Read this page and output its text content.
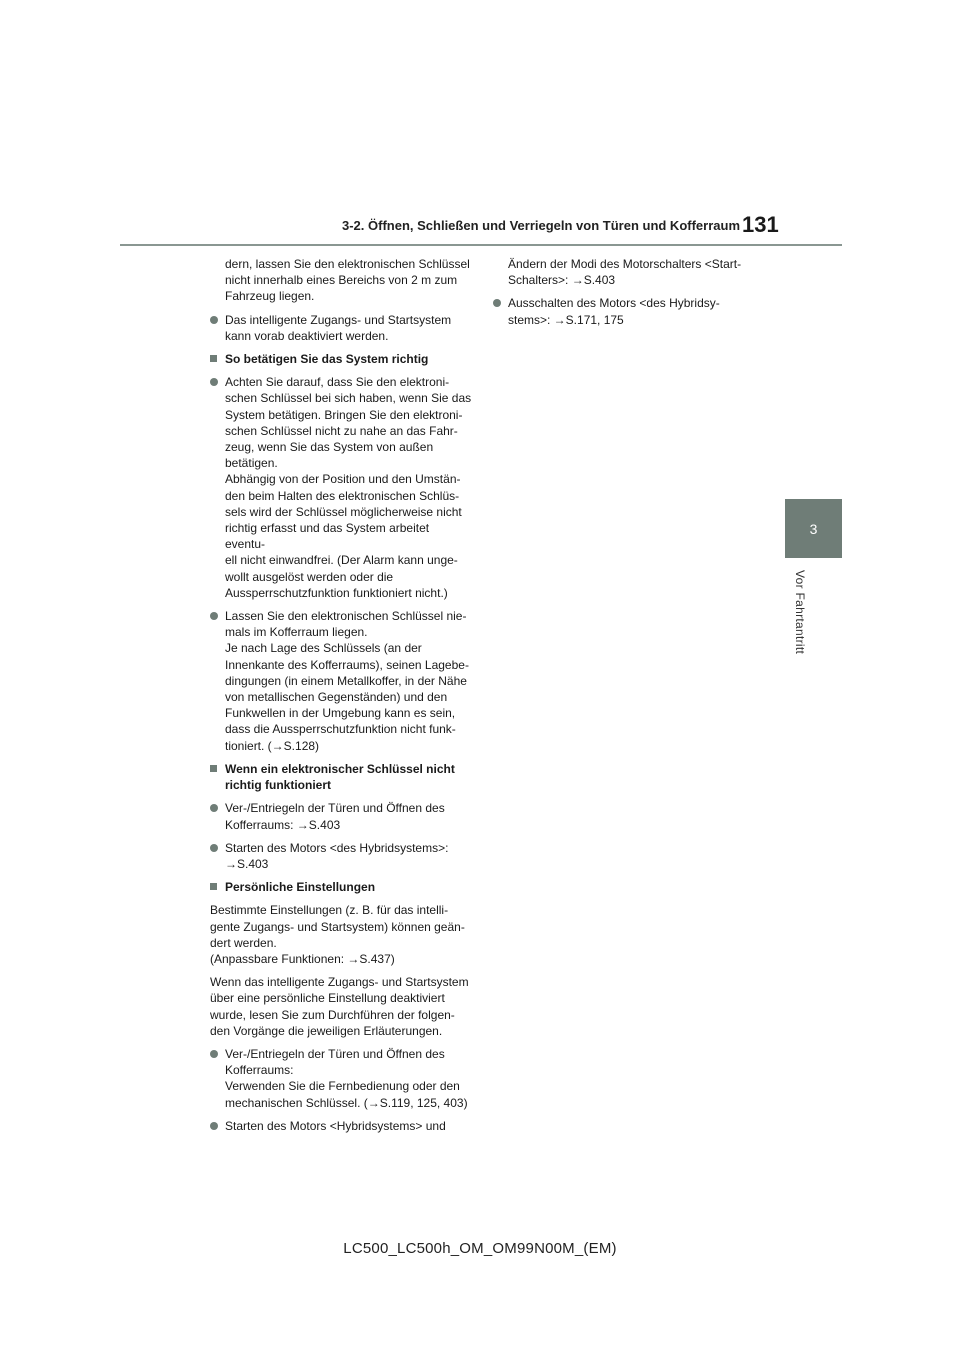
3-2. Öffnen, Schließen und Verriegeln von Türen und Kofferraum 131
3
Vor Fahrtantritt
dern, lassen Sie den elektronischen Schlüssel
nicht innerhalb eines Bereichs von 2 m zum
Fahrzeug liegen.
Das intelligente Zugangs- und Startsystem
kann vorab deaktiviert werden.
So betätigen Sie das System richtig
Achten Sie darauf, dass Sie den elektroni-
schen Schlüssel bei sich haben, wenn Sie das
System betätigen. Bringen Sie den elektroni-
schen Schlüssel nicht zu nahe an das Fahr-
zeug, wenn Sie das System von außen
betätigen.
Abhängig von der Position und den Umstän-
den beim Halten des elektronischen Schlüs-
sels wird der Schlüssel möglicherweise nicht
richtig erfasst und das System arbeitet eventu-
ell nicht einwandfrei. (Der Alarm kann unge-
wollt ausgelöst werden oder die
Aussperrschutzfunktion funktioniert nicht.)
Lassen Sie den elektronischen Schlüssel nie-
mals im Kofferraum liegen.
Je nach Lage des Schlüssels (an der
Innenkante des Kofferraums), seinen Lagebe-
dingungen (in einem Metallkoffer, in der Nähe
von metallischen Gegenständen) und den
Funkwellen in der Umgebung kann es sein,
dass die Aussperrschutzfunktion nicht funk-
tioniert. (→S.128)
Wenn ein elektronischer Schlüssel nicht
richtig funktioniert
Ver-/Entriegeln der Türen und Öffnen des
Kofferraums: →S.403
Starten des Motors <des Hybridsystems>:
→S.403
Persönliche Einstellungen
Bestimmte Einstellungen (z. B. für das intelli-
gente Zugangs- und Startsystem) können geän-
dert werden.
(Anpassbare Funktionen: →S.437)
Wenn das intelligente Zugangs- und Startsystem
über eine persönliche Einstellung deaktiviert
wurde, lesen Sie zum Durchführen der folgen-
den Vorgänge die jeweiligen Erläuterungen.
Ver-/Entriegeln der Türen und Öffnen des
Kofferraums:
Verwenden Sie die Fernbedienung oder den
mechanischen Schlüssel. (→S.119, 125, 403)
Starten des Motors <Hybridsystems> und
Ändern der Modi des Motorschalters <Start-
Schalters>: →S.403
Ausschalten des Motors <des Hybridsy-
stems>: →S.171, 175
LC500_LC500h_OM_OM99N00M_(EM)
